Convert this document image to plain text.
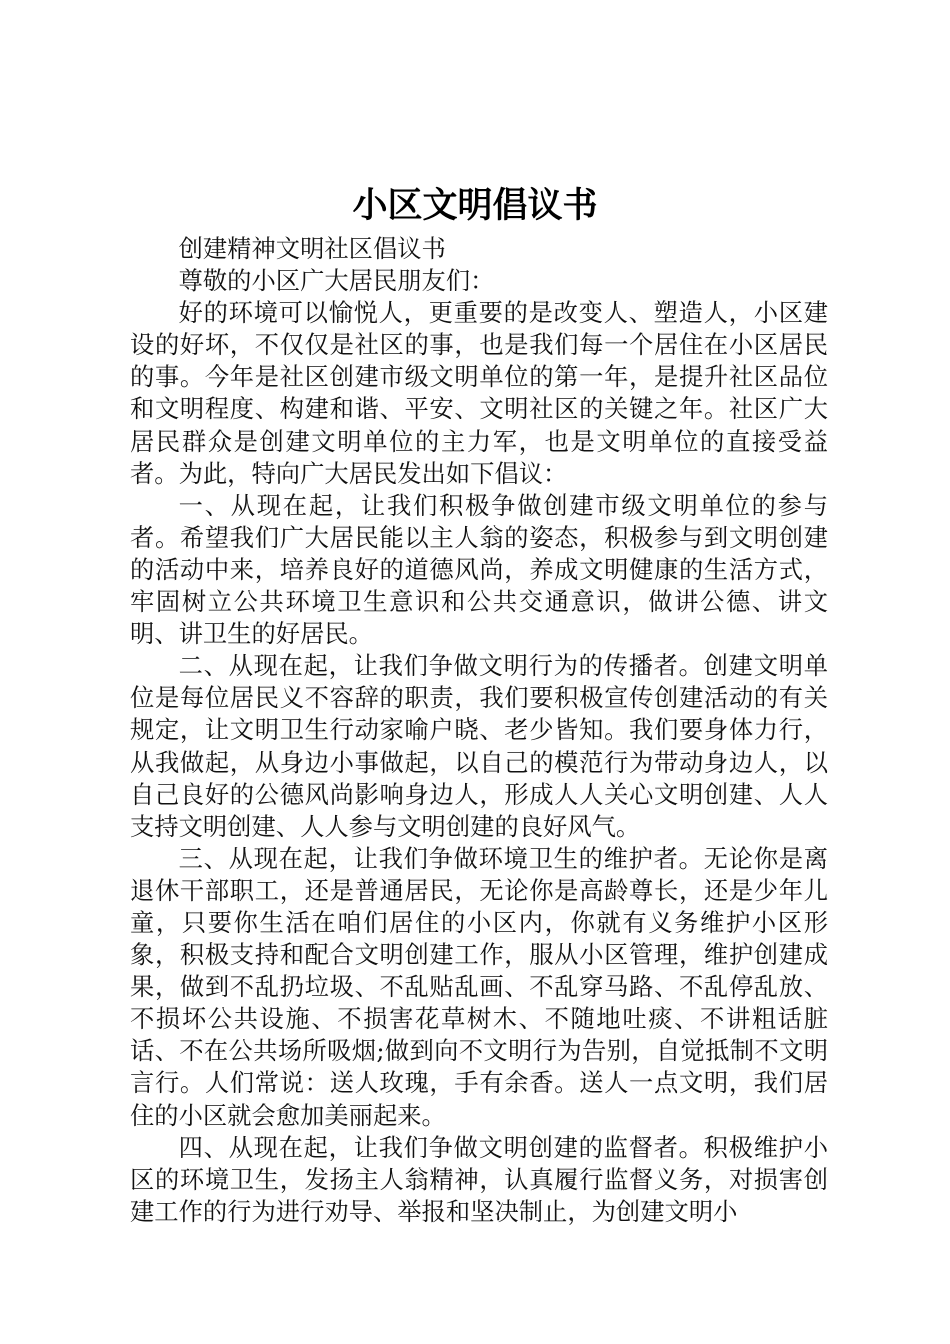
小区文明倡议书

创建精神文明社区倡议书

尊敬的小区广大居民朋友们：

好的环境可以愉悦人，更重要的是改变人、塑造人，小区建设的好坏，不仅仅是社区的事，也是我们每一个居住在小区居民的事。今年是社区创建市级文明单位的第一年，是提升社区品位和文明程度、构建和谐、平安、文明社区的关键之年。社区广大居民群众是创建文明单位的主力军，也是文明单位的直接受益者。为此，特向广大居民发出如下倡议：

一、从现在起，让我们积极争做创建市级文明单位的参与者。希望我们广大居民能以主人翁的姿态，积极参与到文明创建的活动中来，培养良好的道德风尚，养成文明健康的生活方式，牢固树立公共环境卫生意识和公共交通意识，做讲公德、讲文明、讲卫生的好居民。

二、从现在起，让我们争做文明行为的传播者。创建文明单位是每位居民义不容辞的职责，我们要积极宣传创建活动的有关规定，让文明卫生行动家喻户晓、老少皆知。我们要身体力行，从我做起，从身边小事做起，以自己的模范行为带动身边人，以自己良好的公德风尚影响身边人，形成人人关心文明创建、人人支持文明创建、人人参与文明创建的良好风气。

三、从现在起，让我们争做环境卫生的维护者。无论你是离退休干部职工，还是普通居民，无论你是高龄尊长，还是少年儿童，只要你生活在咱们居住的小区内，你就有义务维护小区形象，积极支持和配合文明创建工作，服从小区管理，维护创建成果，做到不乱扔垃圾、不乱贴乱画、不乱穿马路、不乱停乱放、不损坏公共设施、不损害花草树木、不随地吐痰、不讲粗话脏话、不在公共场所吸烟;做到向不文明行为告别，自觉抵制不文明言行。人们常说：送人玫瑰，手有余香。送人一点文明，我们居住的小区就会愈加美丽起来。

四、从现在起，让我们争做文明创建的监督者。积极维护小区的环境卫生，发扬主人翁精神，认真履行监督义务，对损害创建工作的行为进行劝导、举报和坚决制止，为创建文明小
